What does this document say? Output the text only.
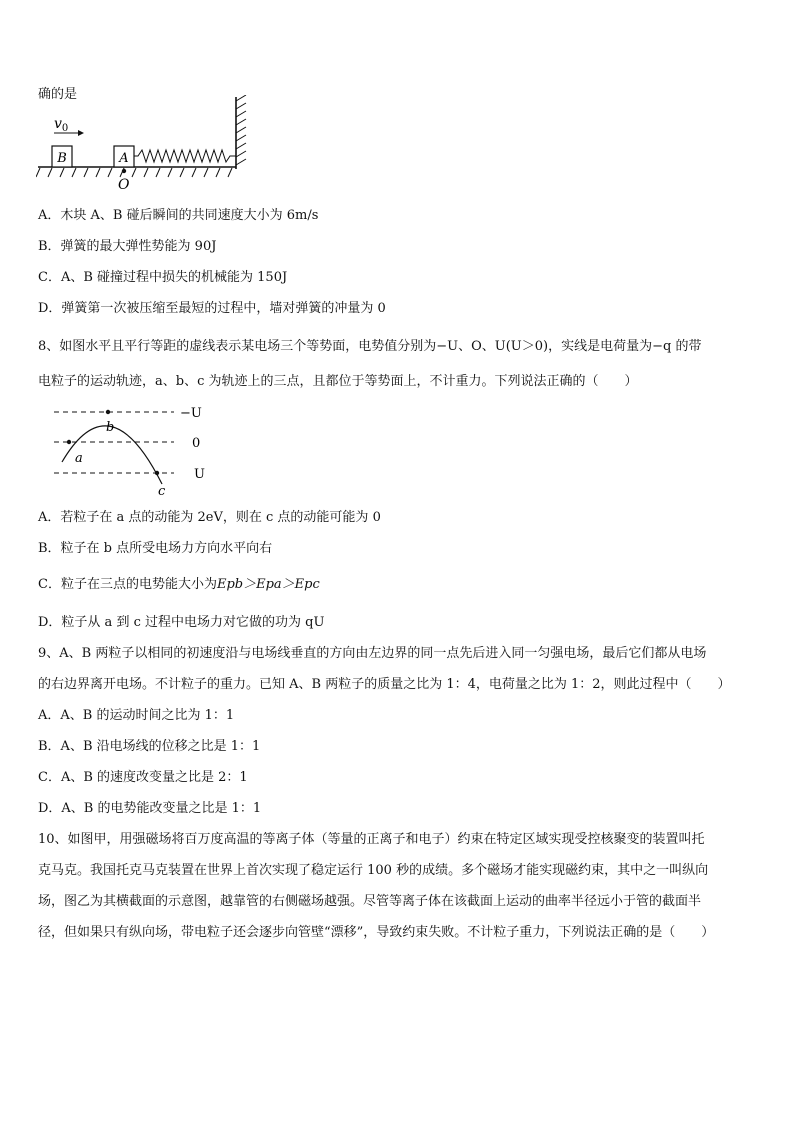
确的是
B	A
$v_0$
O
A．木块 A、B 碰后瞬间的共同速度大小为 6m/s
B．弹簧的最大弹性势能为 90J
C．A、B 碰撞过程中损失的机械能为 150J
D．弹簧第一次被压缩至最短的过程中，墙对弹簧的冲量为 0
8、如图水平且平行等距的虚线表示某电场三个等势面，电势值分别为−U、O、U(U＞0)，实线是电荷量为−q 的带
电粒子的运动轨迹，a、b、c 为轨迹上的三点，且都位于等势面上，不计重力。下列说法正确的（　　）
−U
0
U
a
b
c
A．若粒子在 a 点的动能为 2eV，则在 c 点的动能可能为 0
B．粒子在 b 点所受电场力方向水平向右
C．粒子在三点的电势能大小为Epb＞Epa＞Epc
D．粒子从 a 到 c 过程中电场力对它做的功为 qU
9、A、B 两粒子以相同的初速度沿与电场线垂直的方向由左边界的同一点先后进入同一匀强电场，最后它们都从电场
的右边界离开电场。不计粒子的重力。已知 A、B 两粒子的质量之比为 1：4，电荷量之比为 1：2，则此过程中（　　）
A．A、B 的运动时间之比为 1：1
B．A、B 沿电场线的位移之比是 1：1
C．A、B 的速度改变量之比是 2：1
D．A、B 的电势能改变量之比是 1：1
10、如图甲，用强磁场将百万度高温的等离子体（等量的正离子和电子）约束在特定区域实现受控核聚变的装置叫托
克马克。我国托克马克装置在世界上首次实现了稳定运行 100 秒的成绩。多个磁场才能实现磁约束，其中之一叫纵向
场，图乙为其横截面的示意图，越靠管的右侧磁场越强。尽管等离子体在该截面上运动的曲率半径远小于管的截面半
径，但如果只有纵向场，带电粒子还会逐步向管壁“漂移”，导致约束失败。不计粒子重力，下列说法正确的是（　　）
